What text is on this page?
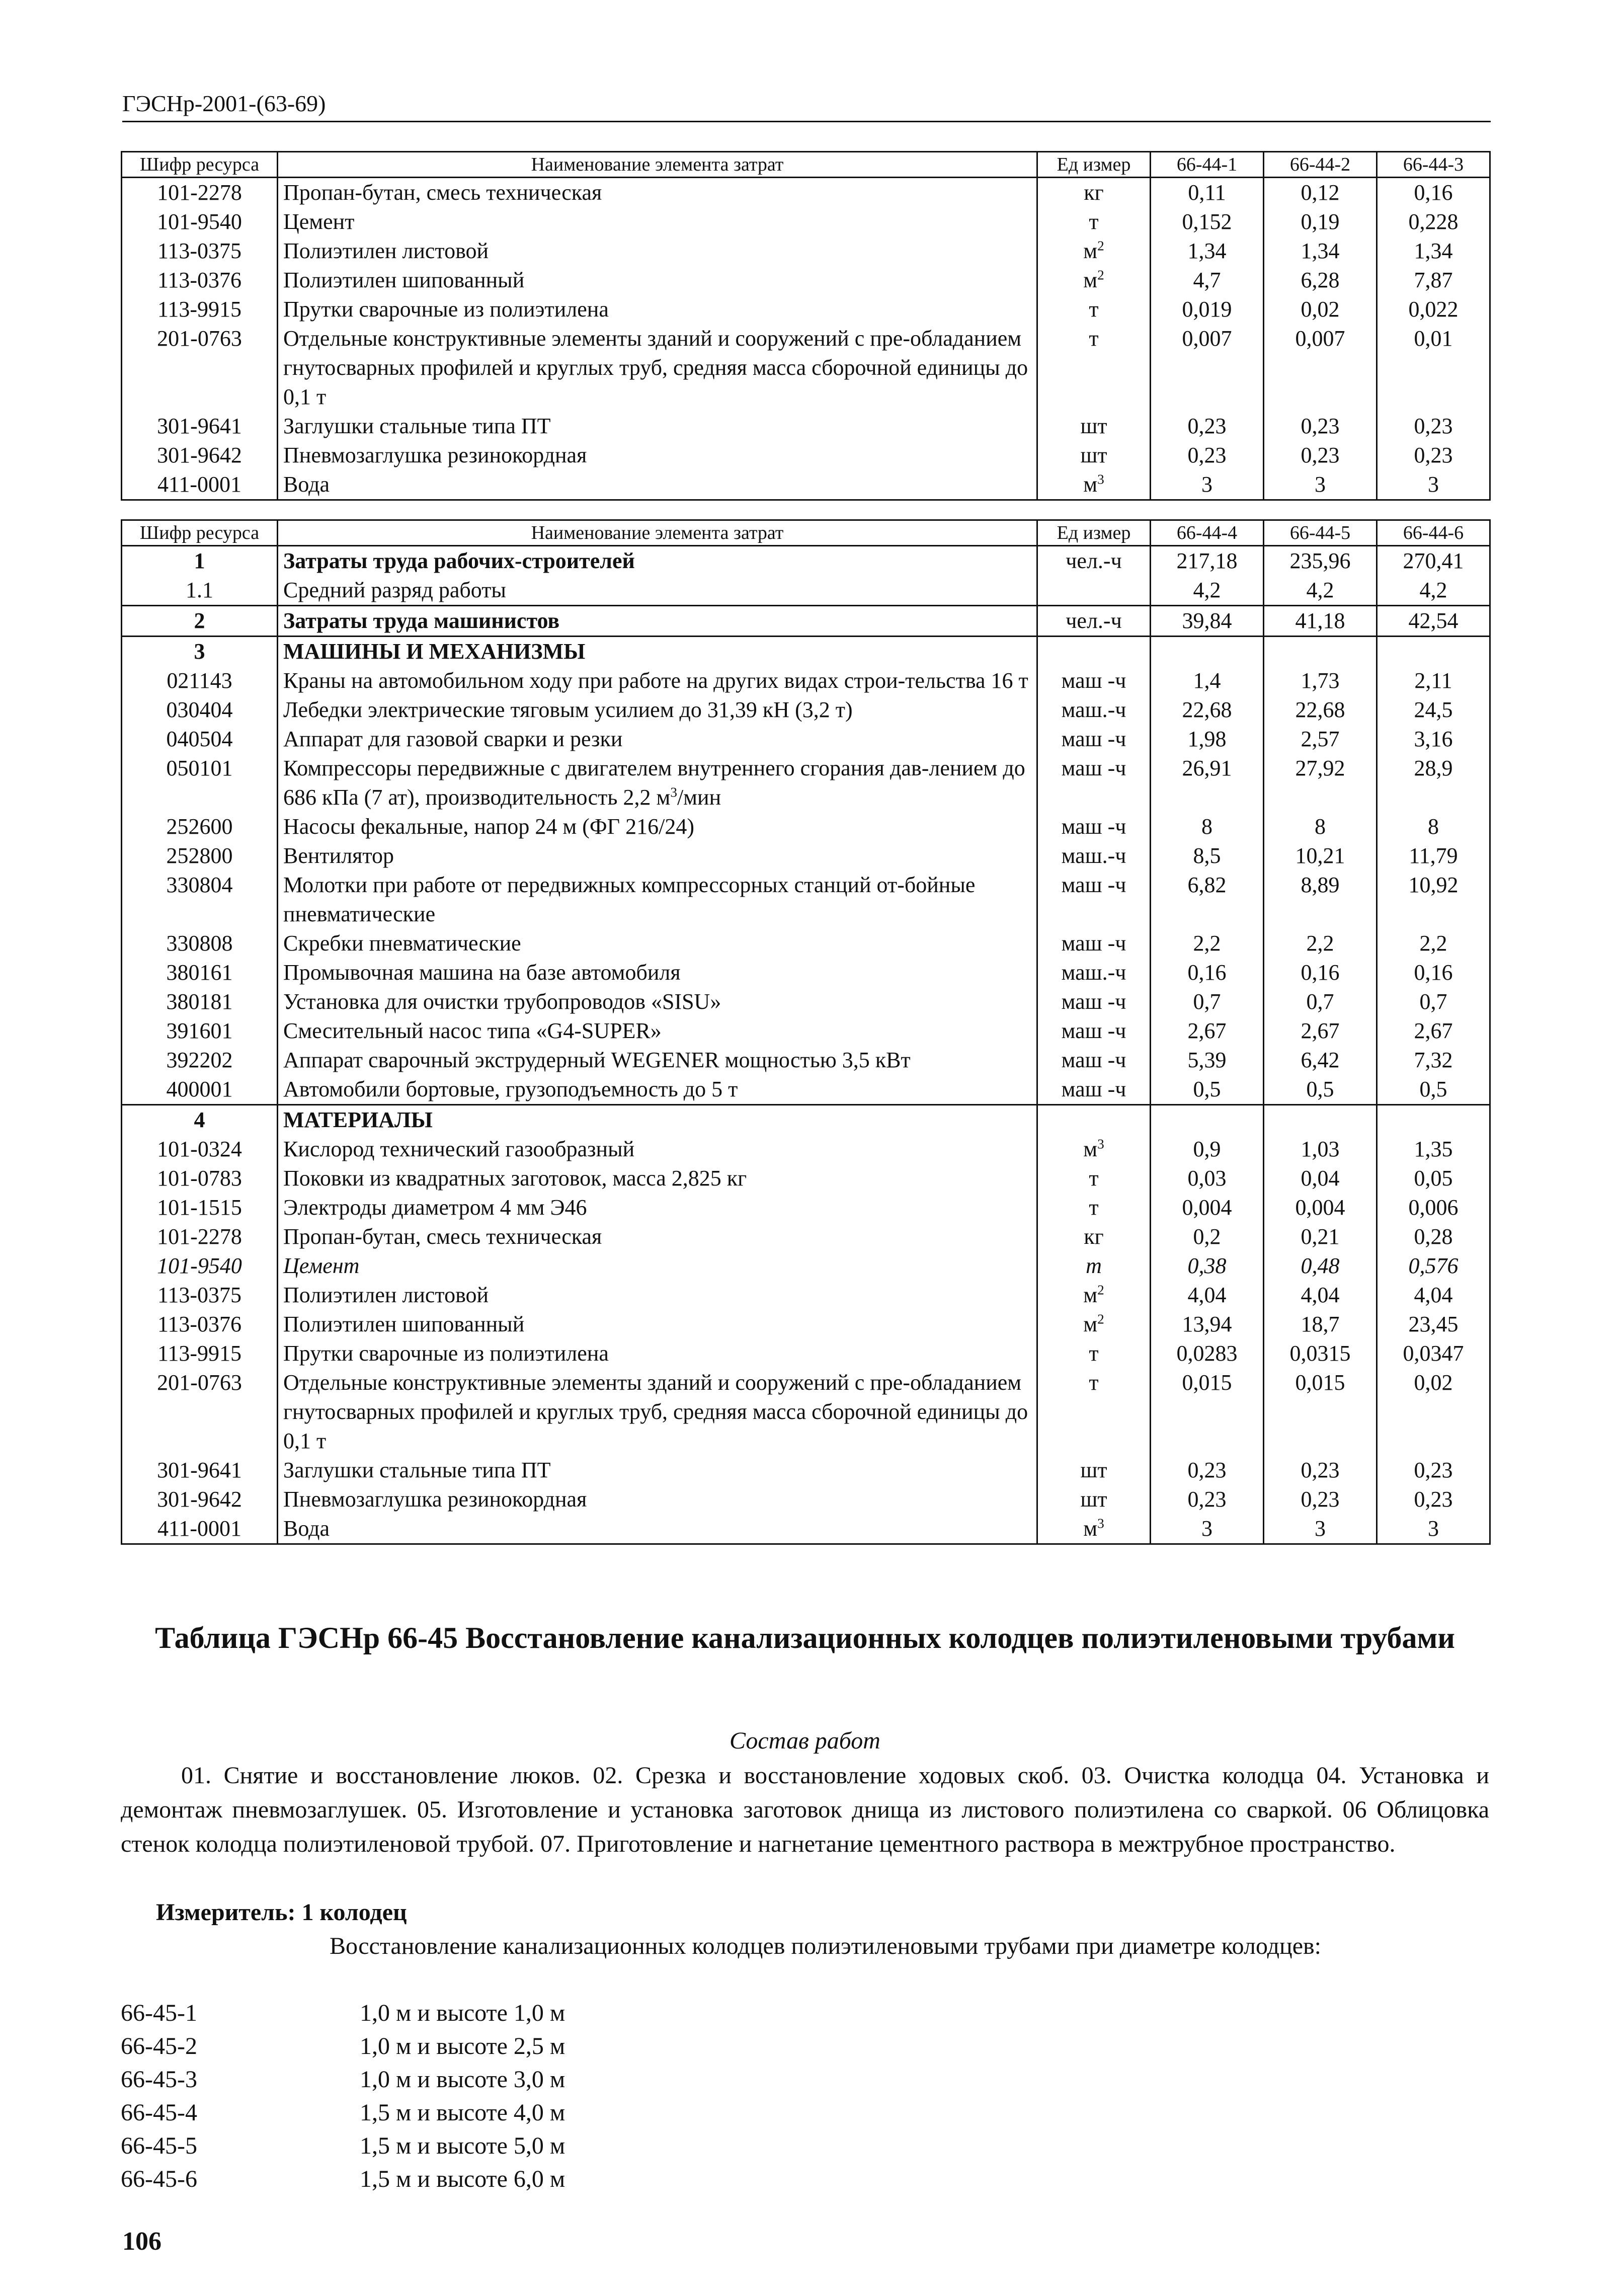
ГЭСНр-2001-(63-69)
Шифр ресурса	Наименование элемента затрат	Ед измер	66-44-1	66-44-2	66-44-3
101-2278	Пропан-бутан, смесь техническая	кг	0,11	0,12	0,16
101-9540	Цемент	т	0,152	0,19	0,228
113-0375	Полиэтилен листовой	$м^2$	1,34	1,34	1,34
113-0376	Полиэтилен шипованный	$м^2$	4,7	6,28	7,87
113-9915	Прутки сварочные из полиэтилена	т	0,019	0,02	0,022
201-0763	Отдельные конструктивные элементы зданий и сооружений с пре-обладанием гнутосварных профилей и круглых труб, средняя масса сборочной единицы до 0,1 т	т	0,007	0,007	0,01
301-9641	Заглушки стальные типа ПТ	шт	0,23	0,23	0,23
301-9642	Пневмозаглушка резинокордная	шт	0,23	0,23	0,23
411-0001	Вода	$м^3$	3	3	3
Шифр ресурса	Наименование элемента затрат	Ед измер	66-44-4	66-44-5	66-44-6
1	Затраты труда рабочих-строителей	чел.-ч	217,18	235,96	270,41
1.1	Средний разряд работы		4,2	4,2	4,2
2	Затраты труда машинистов	чел.-ч	39,84	41,18	42,54
3	МАШИНЫ И МЕХАНИЗМЫ				
021143	Краны на автомобильном ходу при работе на других видах строи-тельства 16 т	маш -ч	1,4	1,73	2,11
030404	Лебедки электрические тяговым усилием до 31,39 кН (3,2 т)	маш.-ч	22,68	22,68	24,5
040504	Аппарат для газовой сварки и резки	маш -ч	1,98	2,57	3,16
050101	Компрессоры передвижные с двигателем внутреннего сгорания дав-лением до 686 кПа (7 ат), производительность 2,2 $м^3$/мин	маш -ч	26,91	27,92	28,9
252600	Насосы фекальные, напор 24 м (ФГ 216/24)	маш -ч	8	8	8
252800	Вентилятор	маш.-ч	8,5	10,21	11,79
330804	Молотки при работе от передвижных компрессорных станций от-бойные пневматические	маш -ч	6,82	8,89	10,92
330808	Скребки пневматические	маш -ч	2,2	2,2	2,2
380161	Промывочная машина на базе автомобиля	маш.-ч	0,16	0,16	0,16
380181	Установка для очистки трубопроводов «SISU»	маш -ч	0,7	0,7	0,7
391601	Смесительный насос типа «G4-SUPER»	маш -ч	2,67	2,67	2,67
392202	Аппарат сварочный экструдерный WEGENER мощностью 3,5 кВт	маш -ч	5,39	6,42	7,32
400001	Автомобили бортовые, грузоподъемность до 5 т	маш -ч	0,5	0,5	0,5
4	МАТЕРИАЛЫ				
101-0324	Кислород технический газообразный	$м^3$	0,9	1,03	1,35
101-0783	Поковки из квадратных заготовок, масса 2,825 кг	т	0,03	0,04	0,05
101-1515	Электроды диаметром 4 мм Э46	т	0,004	0,004	0,006
101-2278	Пропан-бутан, смесь техническая	кг	0,2	0,21	0,28
101-9540	Цемент	т	0,38	0,48	0,576
113-0375	Полиэтилен листовой	$м^2$	4,04	4,04	4,04
113-0376	Полиэтилен шипованный	$м^2$	13,94	18,7	23,45
113-9915	Прутки сварочные из полиэтилена	т	0,0283	0,0315	0,0347
201-0763	Отдельные конструктивные элементы зданий и сооружений с пре-обладанием гнутосварных профилей и круглых труб, средняя масса сборочной единицы до 0,1 т	т	0,015	0,015	0,02
301-9641	Заглушки стальные типа ПТ	шт	0,23	0,23	0,23
301-9642	Пневмозаглушка резинокордная	шт	0,23	0,23	0,23
411-0001	Вода	$м^3$	3	3	3
Таблица ГЭСНр 66-45 Восстановление канализационных колодцев полиэтиленовыми трубами
Состав работ
01. Снятие и восстановление люков. 02. Срезка и восстановление ходовых скоб. 03. Очистка колодца 04. Установка и демонтаж пневмозаглушек. 05. Изготовление и установка заготовок днища из листового полиэтилена со сваркой. 06 Облицовка стенок колодца полиэтиленовой трубой. 07. Приготовление и нагнетание цементного раствора в межтрубное пространство.
Измеритель: 1 колодец
Восстановление канализационных колодцев полиэтиленовыми трубами при диаметре колодцев:
66-45-1	1,0 м и высоте 1,0 м
66-45-2	1,0 м и высоте 2,5 м
66-45-3	1,0 м и высоте 3,0 м
66-45-4	1,5 м и высоте 4,0 м
66-45-5	1,5 м и высоте 5,0 м
66-45-6	1,5 м и высоте 6,0 м
106
